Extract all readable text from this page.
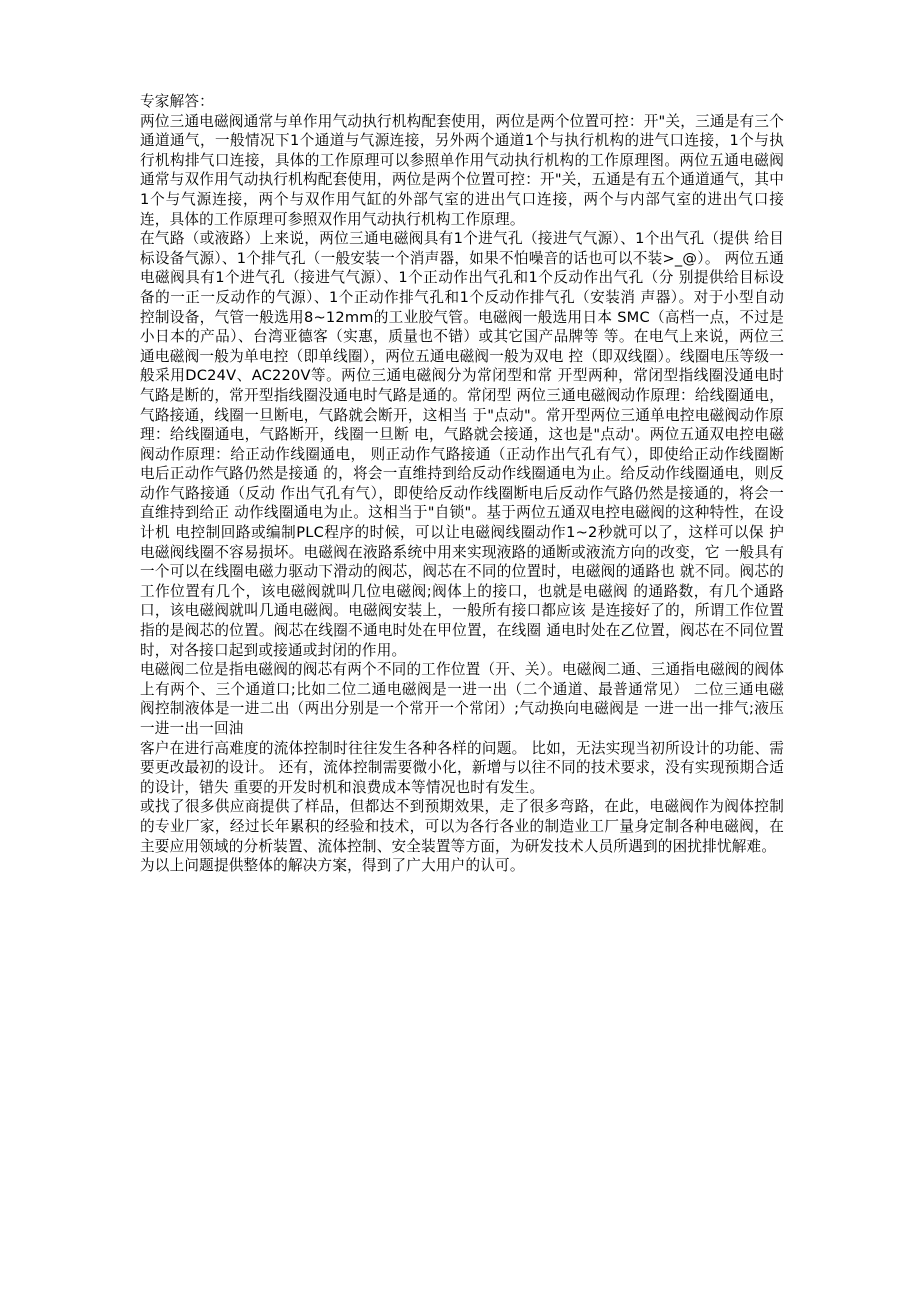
专家解答：

两位三通电磁阀通常与单作用气动执行机构配套使用，两位是两个位置可控：开"关，三通是有三个通道通气，一般情况下1个通道与气源连接，另外两个通道1个与执行机构的进气口连接，1个与执行机构排气口连接，具体的工作原理可以参照单作用气动执行机构的工作原理图。两位五通电磁阀通常与双作用气动执行机构配套使用，两位是两个位置可控：开"关，五通是有五个通道通气，其中1个与气源连接，两个与双作用气缸的外部气室的进出气口连接，两个与内部气室的进出气口接连，具体的工作原理可参照双作用气动执行机构工作原理。

在气路（或液路）上来说，两位三通电磁阀具有1个进气孔（接进气气源）、1个出气孔（提供 给目标设备气源）、1个排气孔（一般安装一个消声器，如果不怕噪音的话也可以不装>_@）。 两位五通电磁阀具有1个进气孔（接进气气源）、1个正动作出气孔和1个反动作出气孔（分 别提供给目标设备的一正一反动作的气源）、1个正动作排气孔和1个反动作排气孔（安装消 声器）。对于小型自动控制设备，气管一般选用8~12mm的工业胶气管。电磁阀一般选用日本 SMC（高档一点，不过是小日本的产品）、台湾亚德客（实惠，质量也不错）或其它国产品牌等 等。在电气上来说，两位三通电磁阀一般为单电控（即单线圈），两位五通电磁阀一般为双电 控（即双线圈）。线圈电压等级一般采用DC24V、AC220V等。两位三通电磁阀分为常闭型和常 开型两种，常闭型指线圈没通电时气路是断的，常开型指线圈没通电时气路是通的。常闭型 两位三通电磁阀动作原理：给线圈通电，气路接通，线圈一旦断电，气路就会断开，这相当 于"点动"。常开型两位三通单电控电磁阀动作原理：给线圈通电，气路断开，线圈一旦断 电，气路就会接通，这也是"点动'。两位五通双电控电磁阀动作原理：给正动作线圈通电， 则正动作气路接通（正动作出气孔有气），即使给正动作线圈断电后正动作气路仍然是接通 的，将会一直维持到给反动作线圈通电为止。给反动作线圈通电，则反动作气路接通（反动 作出气孔有气），即使给反动作线圈断电后反动作气路仍然是接通的，将会一直维持到给正 动作线圈通电为止。这相当于"自锁"。基于两位五通双电控电磁阀的这种特性，在设计机 电控制回路或编制PLC程序的时候，可以让电磁阀线圈动作1~2秒就可以了，这样可以保 护电磁阀线圈不容易损坏。电磁阀在液路系统中用来实现液路的通断或液流方向的改变，它 一般具有一个可以在线圈电磁力驱动下滑动的阀芯，阀芯在不同的位置时，电磁阀的通路也 就不同。阀芯的工作位置有几个，该电磁阀就叫几位电磁阀;阀体上的接口，也就是电磁阀 的通路数，有几个通路口，该电磁阀就叫几通电磁阀。电磁阀安装上，一般所有接口都应该 是连接好了的，所谓工作位置指的是阀芯的位置。阀芯在线圈不通电时处在甲位置，在线圈 通电时处在乙位置，阀芯在不同位置时，对各接口起到或接通或封闭的作用。

电磁阀二位是指电磁阀的阀芯有两个不同的工作位置（开、关）。电磁阀二通、三通指电磁阀的阀体上有两个、三个通道口;比如二位二通电磁阀是一进一出（二个通道、最普通常见） 二位三通电磁阀控制液体是一进二出（两出分别是一个常开一个常闭）;气动换向电磁阀是 一进一出一排气;液压一进一出一回油

客户在进行高难度的流体控制时往往发生各种各样的问题。 比如，无法实现当初所设计的功能、需要更改最初的设计。 还有，流体控制需要微小化，新增与以往不同的技术要求，没有实现预期合适的设计，错失 重要的开发时机和浪费成本等情况也时有发生。

或找了很多供应商提供了样品，但都达不到预期效果，走了很多弯路，在此，电磁阀作为阀体控制的专业厂家，经过长年累积的经验和技术，可以为各行各业的制造业工厂量身定制各种电磁阀，在主要应用领域的分析装置、流体控制、安全装置等方面，为研发技术人员所遇到的困扰排忧解难。

为以上问题提供整体的解决方案，得到了广大用户的认可。
